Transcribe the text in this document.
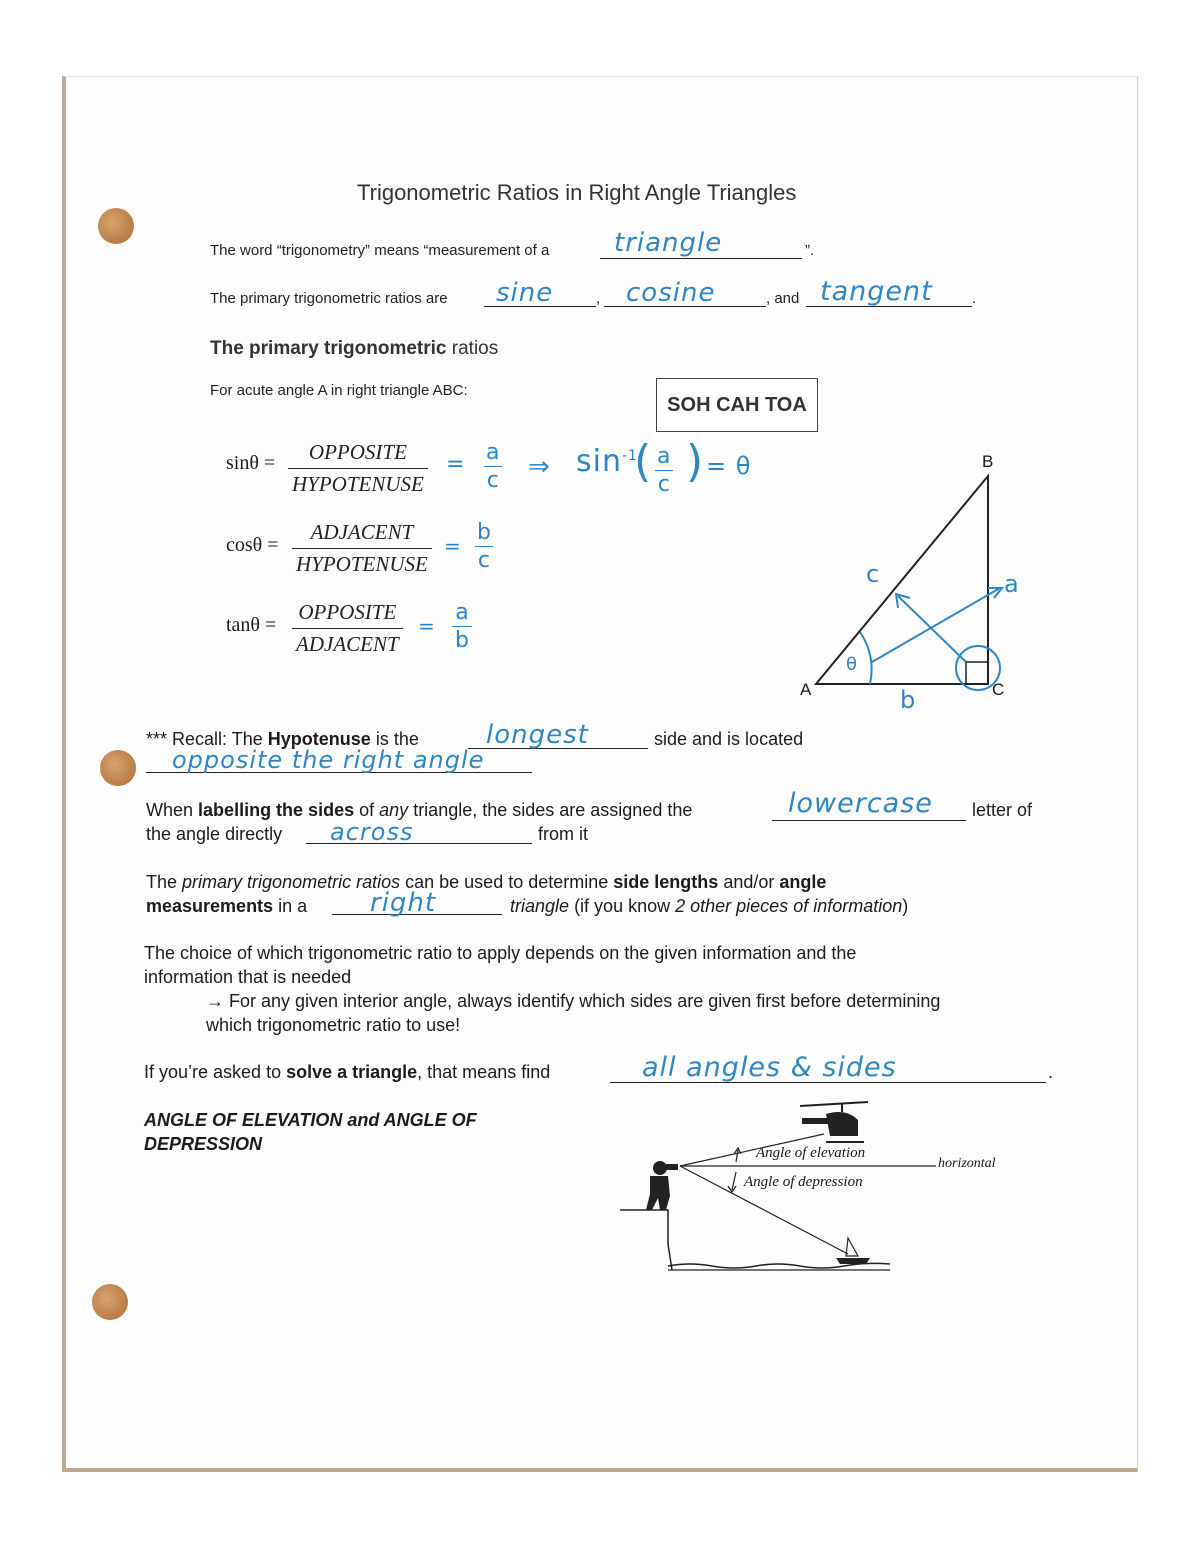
Trigonometric Ratios in Right Angle Triangles
The word “trigonometry” means “measurement of a triangle	”.
The primary trigonometric ratios are sine	, cosine	, and tangent	.
The primary trigonometric ratios
For acute angle A in right triangle ABC:
SOH CAH TOA
sinθ = OPPOSITE
HYPOTENUSE
= $\frac{a}{c}$ ⇒ $\sin^{-1}$
( $\frac{a}{c}$ ) = θ
cosθ =
ADJACENT
HYPOTENUSE
= $\frac{b}{c}$
tanθ =
OPPOSITE
ADJACENT
= $\frac{a}{b}$
A
B
C
c	a
b
θ
*** Recall: The Hypotenuse is the	longest	side and is located
opposite the right angle
When labelling the sides of any triangle, the sides are assigned the	lowercase letter of
the angle directly across	from it
The primary trigonometric ratios can be used to determine side lengths and/or angle
measurements in a right	triangle (if you know 2 other pieces of information)
The choice of which trigonometric ratio to apply depends on the given information and the
information that is needed
→ For any given interior angle, always identify which sides are given first before determining
which trigonometric ratio to use!
If you’re asked to solve a triangle, that means find	all angles & sides	.
ANGLE OF ELEVATION and ANGLE OF
DEPRESSION	Angle of elevation
Angle of depression
horizontal
